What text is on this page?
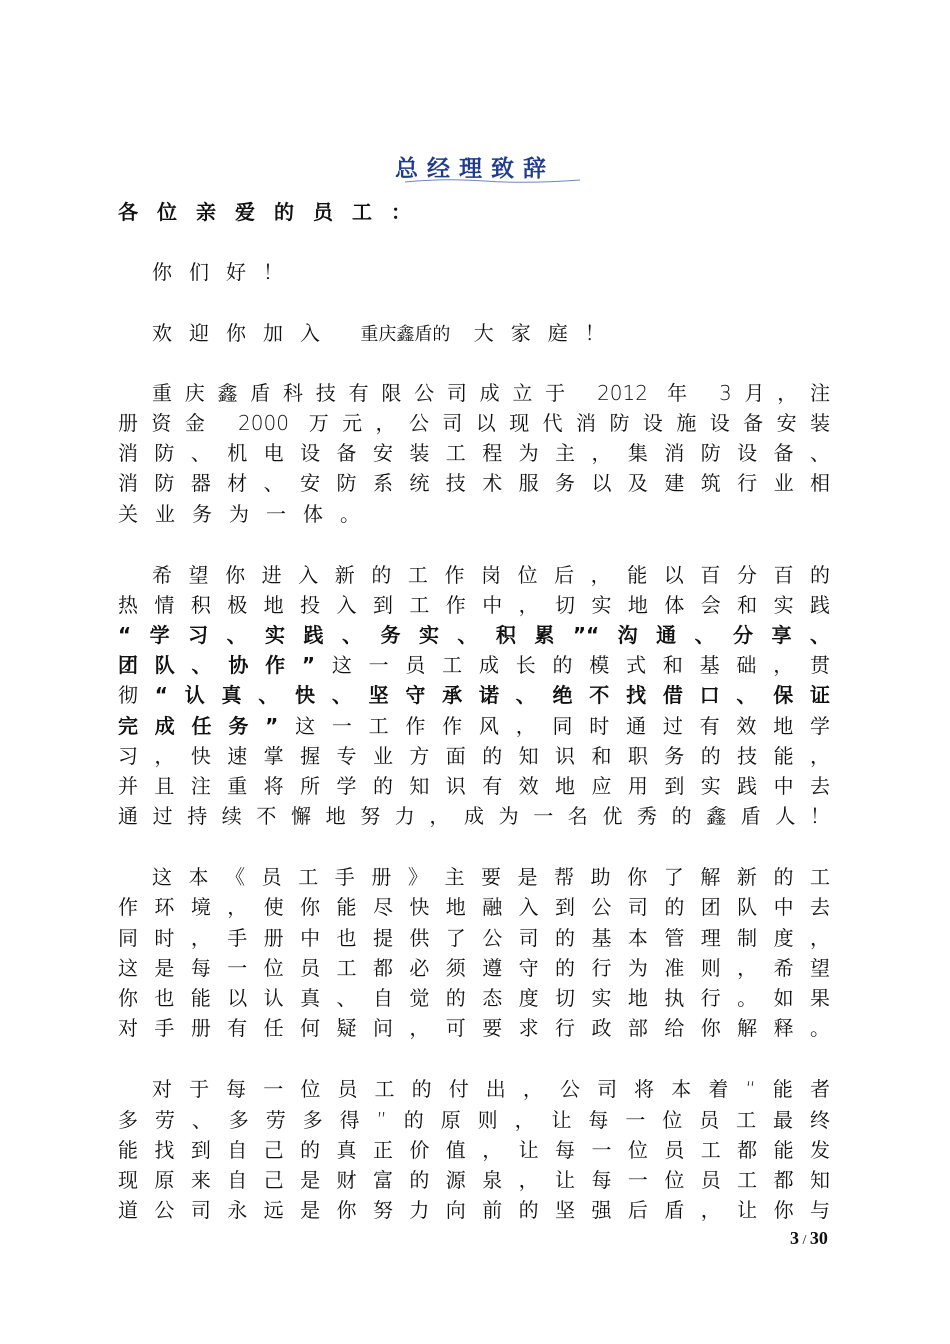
总经理致辞
各位亲爱的员工：
你们好！
欢迎你加入 重庆鑫盾的 大家庭！
重庆鑫盾科技有限公司成立于 2012 年 3月，注
册资金 2000 万元，公司以现代消防设施设备安装
消防、机电设备安装工程为主，集消防设备、
消防器材、安防系统技术服务以及建筑行业相
关业务为一体。
希望你进入新的工作岗位后，能以百分百的
热情积极地投入到工作中，切实地体会和实践
“学习、实践、务实、积累”“沟通、分享、
团队、协作”这一员工成长的模式和基础，贯
彻“认真、快、坚守承诺、绝不找借口、保证
完成任务”这一工作作风，同时通过有效地学
习，快速掌握专业方面的知识和职务的技能，
并且注重将所学的知识有效地应用到实践中去
通过持续不懈地努力，成为一名优秀的鑫盾人！
这本《员工手册》主要是帮助你了解新的工
作环境，使你能尽快地融入到公司的团队中去
同时，手册中也提供了公司的基本管理制度，
这是每一位员工都必须遵守的行为准则，希望
你也能以认真、自觉的态度切实地执行。如果
对手册有任何疑问，可要求行政部给你解释。
对于每一位员工的付出，公司将本着“能者
多劳、多劳多得”的原则，让每一位员工最终
能找到自己的真正价值，让每一位员工都能发
现原来自己是财富的源泉，让每一位员工都知
道公司永远是你努力向前的坚强后盾，让你与
3 / 30
